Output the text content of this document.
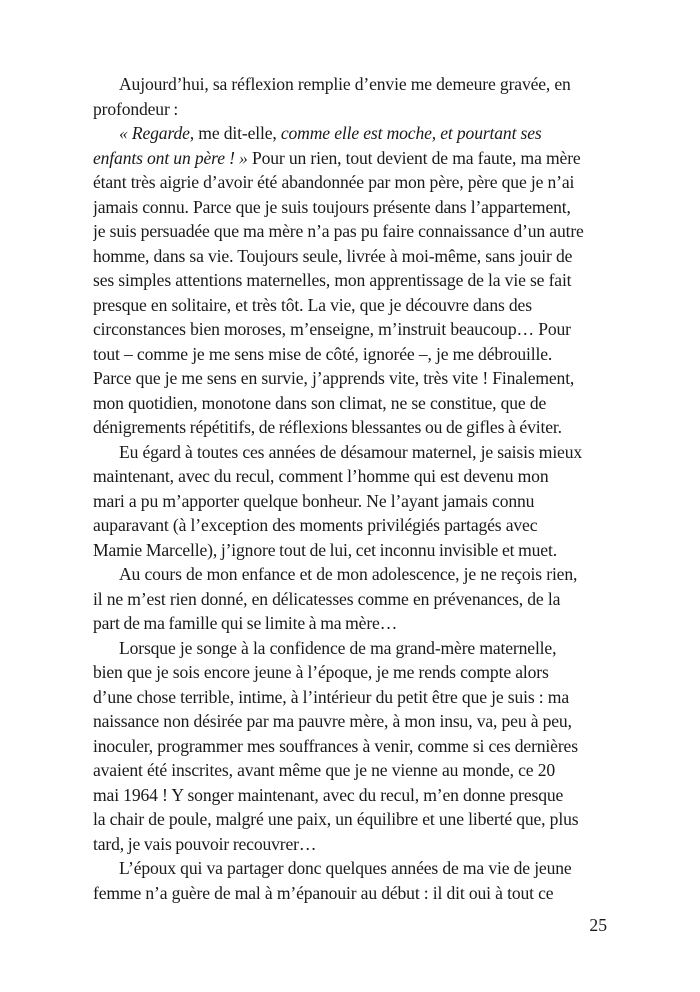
Aujourd’hui, sa réflexion remplie d’envie me demeure gravée, en
profondeur :
« Regarde, me dit-elle, comme elle est moche, et pourtant ses
enfants ont un père ! » Pour un rien, tout devient de ma faute, ma mère
étant très aigrie d’avoir été abandonnée par mon père, père que je n’ai
jamais connu. Parce que je suis toujours présente dans l’appartement,
je suis persuadée que ma mère n’a pas pu faire connaissance d’un autre
homme, dans sa vie. Toujours seule, livrée à moi-même, sans jouir de
ses simples attentions maternelles, mon apprentissage de la vie se fait
presque en solitaire, et très tôt. La vie, que je découvre dans des
circonstances bien moroses, m’enseigne, m’instruit beaucoup… Pour
tout – comme je me sens mise de côté, ignorée –, je me débrouille.
Parce que je me sens en survie, j’apprends vite, très vite ! Finalement,
mon quotidien, monotone dans son climat, ne se constitue, que de
dénigrements répétitifs, de réflexions blessantes ou de gifles à éviter.
Eu égard à toutes ces années de désamour maternel, je saisis mieux
maintenant, avec du recul, comment l’homme qui est devenu mon
mari a pu m’apporter quelque bonheur. Ne l’ayant jamais connu
auparavant (à l’exception des moments privilégiés partagés avec
Mamie Marcelle), j’ignore tout de lui, cet inconnu invisible et muet.
Au cours de mon enfance et de mon adolescence, je ne reçois rien,
il ne m’est rien donné, en délicatesses comme en prévenances, de la
part de ma famille qui se limite à ma mère…
Lorsque je songe à la confidence de ma grand-mère maternelle,
bien que je sois encore jeune à l’époque, je me rends compte alors
d’une chose terrible, intime, à l’intérieur du petit être que je suis : ma
naissance non désirée par ma pauvre mère, à mon insu, va, peu à peu,
inoculer, programmer mes souffrances à venir, comme si ces dernières
avaient été inscrites, avant même que je ne vienne au monde, ce 20
mai 1964 ! Y songer maintenant, avec du recul, m’en donne presque
la chair de poule, malgré une paix, un équilibre et une liberté que, plus
tard, je vais pouvoir recouvrer…
L’époux qui va partager donc quelques années de ma vie de jeune
femme n’a guère de mal à m’épanouir au début : il dit oui à tout ce
25
